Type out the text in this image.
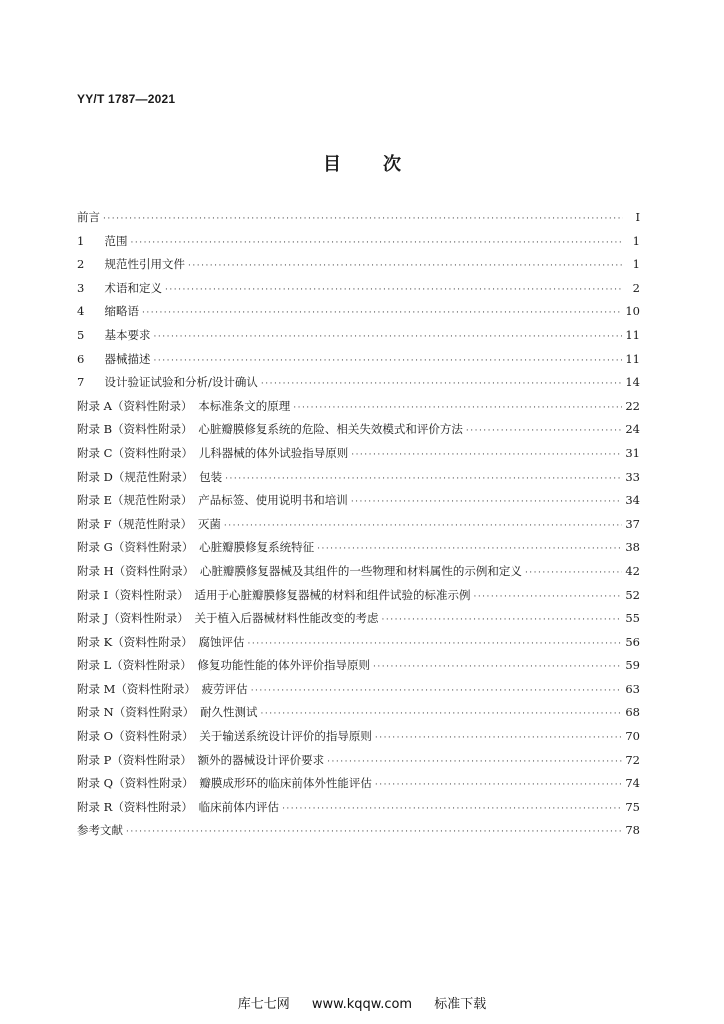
YY/T 1787—2021
目次
前言 ·····	Ⅰ
1　 范围 ·····	1
2　 规范性引用文件 ·····	1
3　 术语和定义 ·····	2
4　 缩略语 ·····	10
5　 基本要求 ·····	11
6　 器械描述 ·····	11
7　 设计验证试验和分析/设计确认 ·····	14
附录 A（资料性附录）　本标准条文的原理 ·····	22
附录 B（资料性附录）　心脏瓣膜修复系统的危险、相关失效模式和评价方法 ·····	24
附录 C（资料性附录）　儿科器械的体外试验指导原则 ·····	31
附录 D（规范性附录）　包装 ·····	33
附录 E（规范性附录）　产品标签、使用说明书和培训 ·····	34
附录 F（规范性附录）　灭菌 ·····	37
附录 G（资料性附录）　心脏瓣膜修复系统特征 ·····	38
附录 H（资料性附录）　心脏瓣膜修复器械及其组件的一些物理和材料属性的示例和定义 ·····	42
附录 I（资料性附录）　适用于心脏瓣膜修复器械的材料和组件试验的标准示例 ·····	52
附录 J（资料性附录）　关于植入后器械材料性能改变的考虑 ·····	55
附录 K（资料性附录）　腐蚀评估 ·····	56
附录 L（资料性附录）　修复功能性能的体外评价指导原则 ·····	59
附录 M（资料性附录）　疲劳评估 ·····	63
附录 N（资料性附录）　耐久性测试 ·····	68
附录 O（资料性附录）　关于输送系统设计评价的指导原则 ·····	70
附录 P（资料性附录）　额外的器械设计评价要求 ·····	72
附录 Q（资料性附录）　瓣膜成形环的临床前体外性能评估 ·····	74
附录 R（资料性附录）　临床前体内评估 ·····	75
参考文献 ·····	78
库七七网 www.kqqw.com 标准下载
